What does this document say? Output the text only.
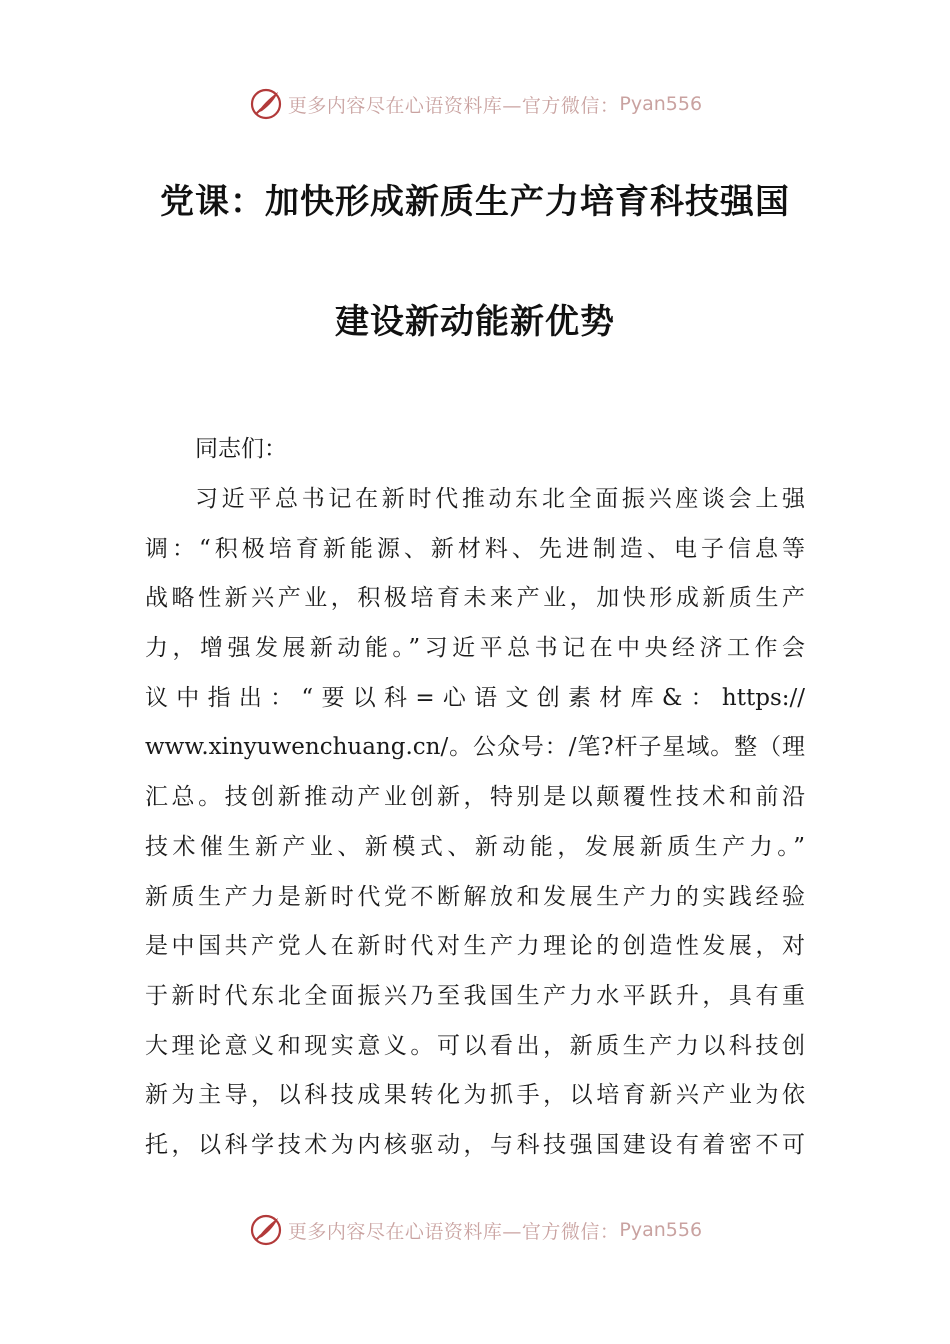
更多内容尽在心语资料库—官方微信： Pyan556
党课：加快形成新质生产力培育科技强国
建设新动能新优势
同志们：
习近平总书记在新时代推动东北全面振兴座谈会上强
调：“积极培育新能源、新材料、先进制造、电子信息等
战略性新兴产业，积极培育未来产业，加快形成新质生产
力，增强发展新动能。”习近平总书记在中央经济工作会
议中指出：“要以科=心语文创素材库&：https://
www.xinyuwenchuang.cn/。公众号：/笔?杆子星域。整（理
汇总。技创新推动产业创新，特别是以颠覆性技术和前沿
技术催生新产业、新模式、新动能，发展新质生产力。”
新质生产力是新时代党不断解放和发展生产力的实践经验
是中国共产党人在新时代对生产力理论的创造性发展，对
于新时代东北全面振兴乃至我国生产力水平跃升，具有重
大理论意义和现实意义。可以看出，新质生产力以科技创
新为主导，以科技成果转化为抓手，以培育新兴产业为依
托，以科学技术为内核驱动，与科技强国建设有着密不可
更多内容尽在心语资料库—官方微信： Pyan556
